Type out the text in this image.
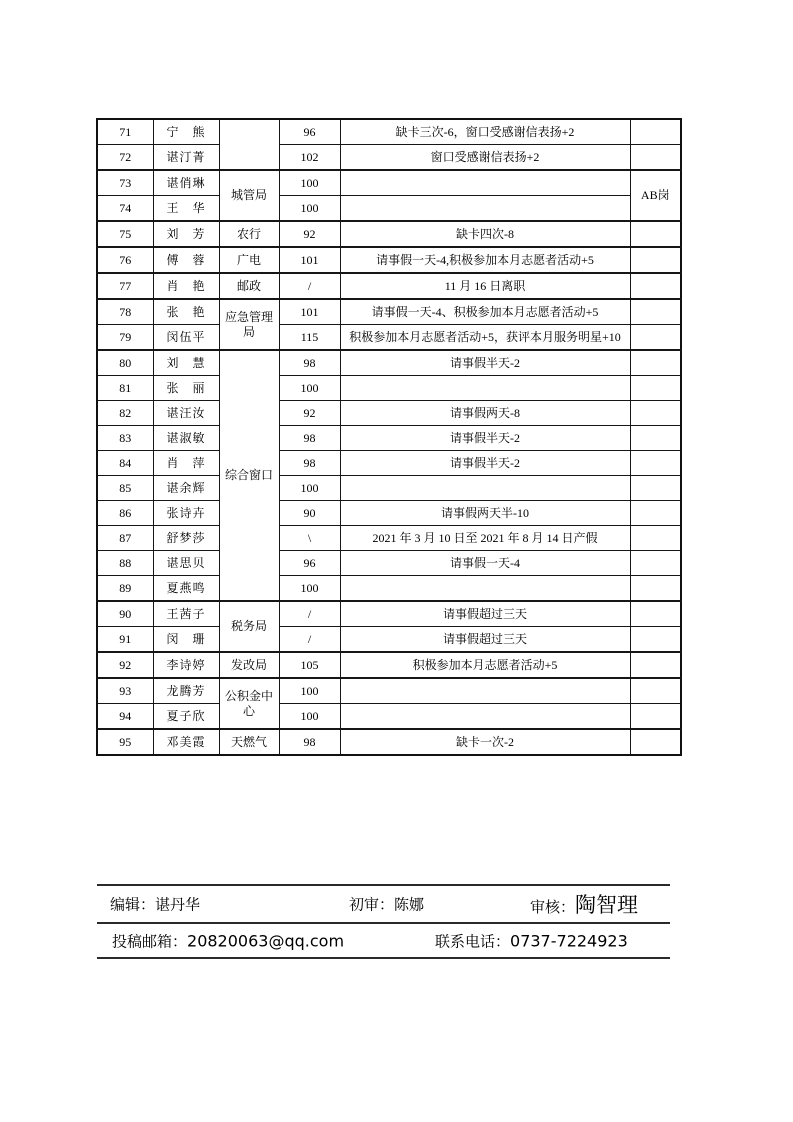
71	宁　熊		96	缺卡三次-6，窗口受感谢信表扬+2	
72	谌汀菁		102	窗口受感谢信表扬+2	
73	谌俏琳	城管局	100		AB岗
74	王　华		100		
75	刘　芳	农行	92	缺卡四次-8	
76	傅　蓉	广电	101	请事假一天-4,积极参加本月志愿者活动+5	
77	肖　艳	邮政	/	11 月 16 日离职	
78	张　艳	应急管理局	101	请事假一天-4、积极参加本月志愿者活动+5	
79	闵伍平		115	积极参加本月志愿者活动+5，获评本月服务明星+10	
80	刘　慧	综合窗口	98	请事假半天-2	
81	张　丽		100		
82	谌汪汝		92	请事假两天-8	
83	谌淑敏		98	请事假半天-2	
84	肖　萍		98	请事假半天-2	
85	谌余辉		100		
86	张诗卉		90	请事假两天半-10	
87	舒梦莎		\	2021 年 3 月 10 日至 2021 年 8 月 14 日产假	
88	谌思贝		96	请事假一天-4	
89	夏燕鸣		100		
90	王茜子	税务局	/	请事假超过三天	
91	闵　珊		/	请事假超过三天	
92	李诗婷	发改局	105	积极参加本月志愿者活动+5	
93	龙腾芳	公积金中心	100		
94	夏子欣		100		
95	邓美霞	天燃气	98	缺卡一次-2	
编辑：谌丹华	初审：陈娜	审核：陶智理
投稿邮箱：20820063@qq.com	联系电话：0737-7224923
